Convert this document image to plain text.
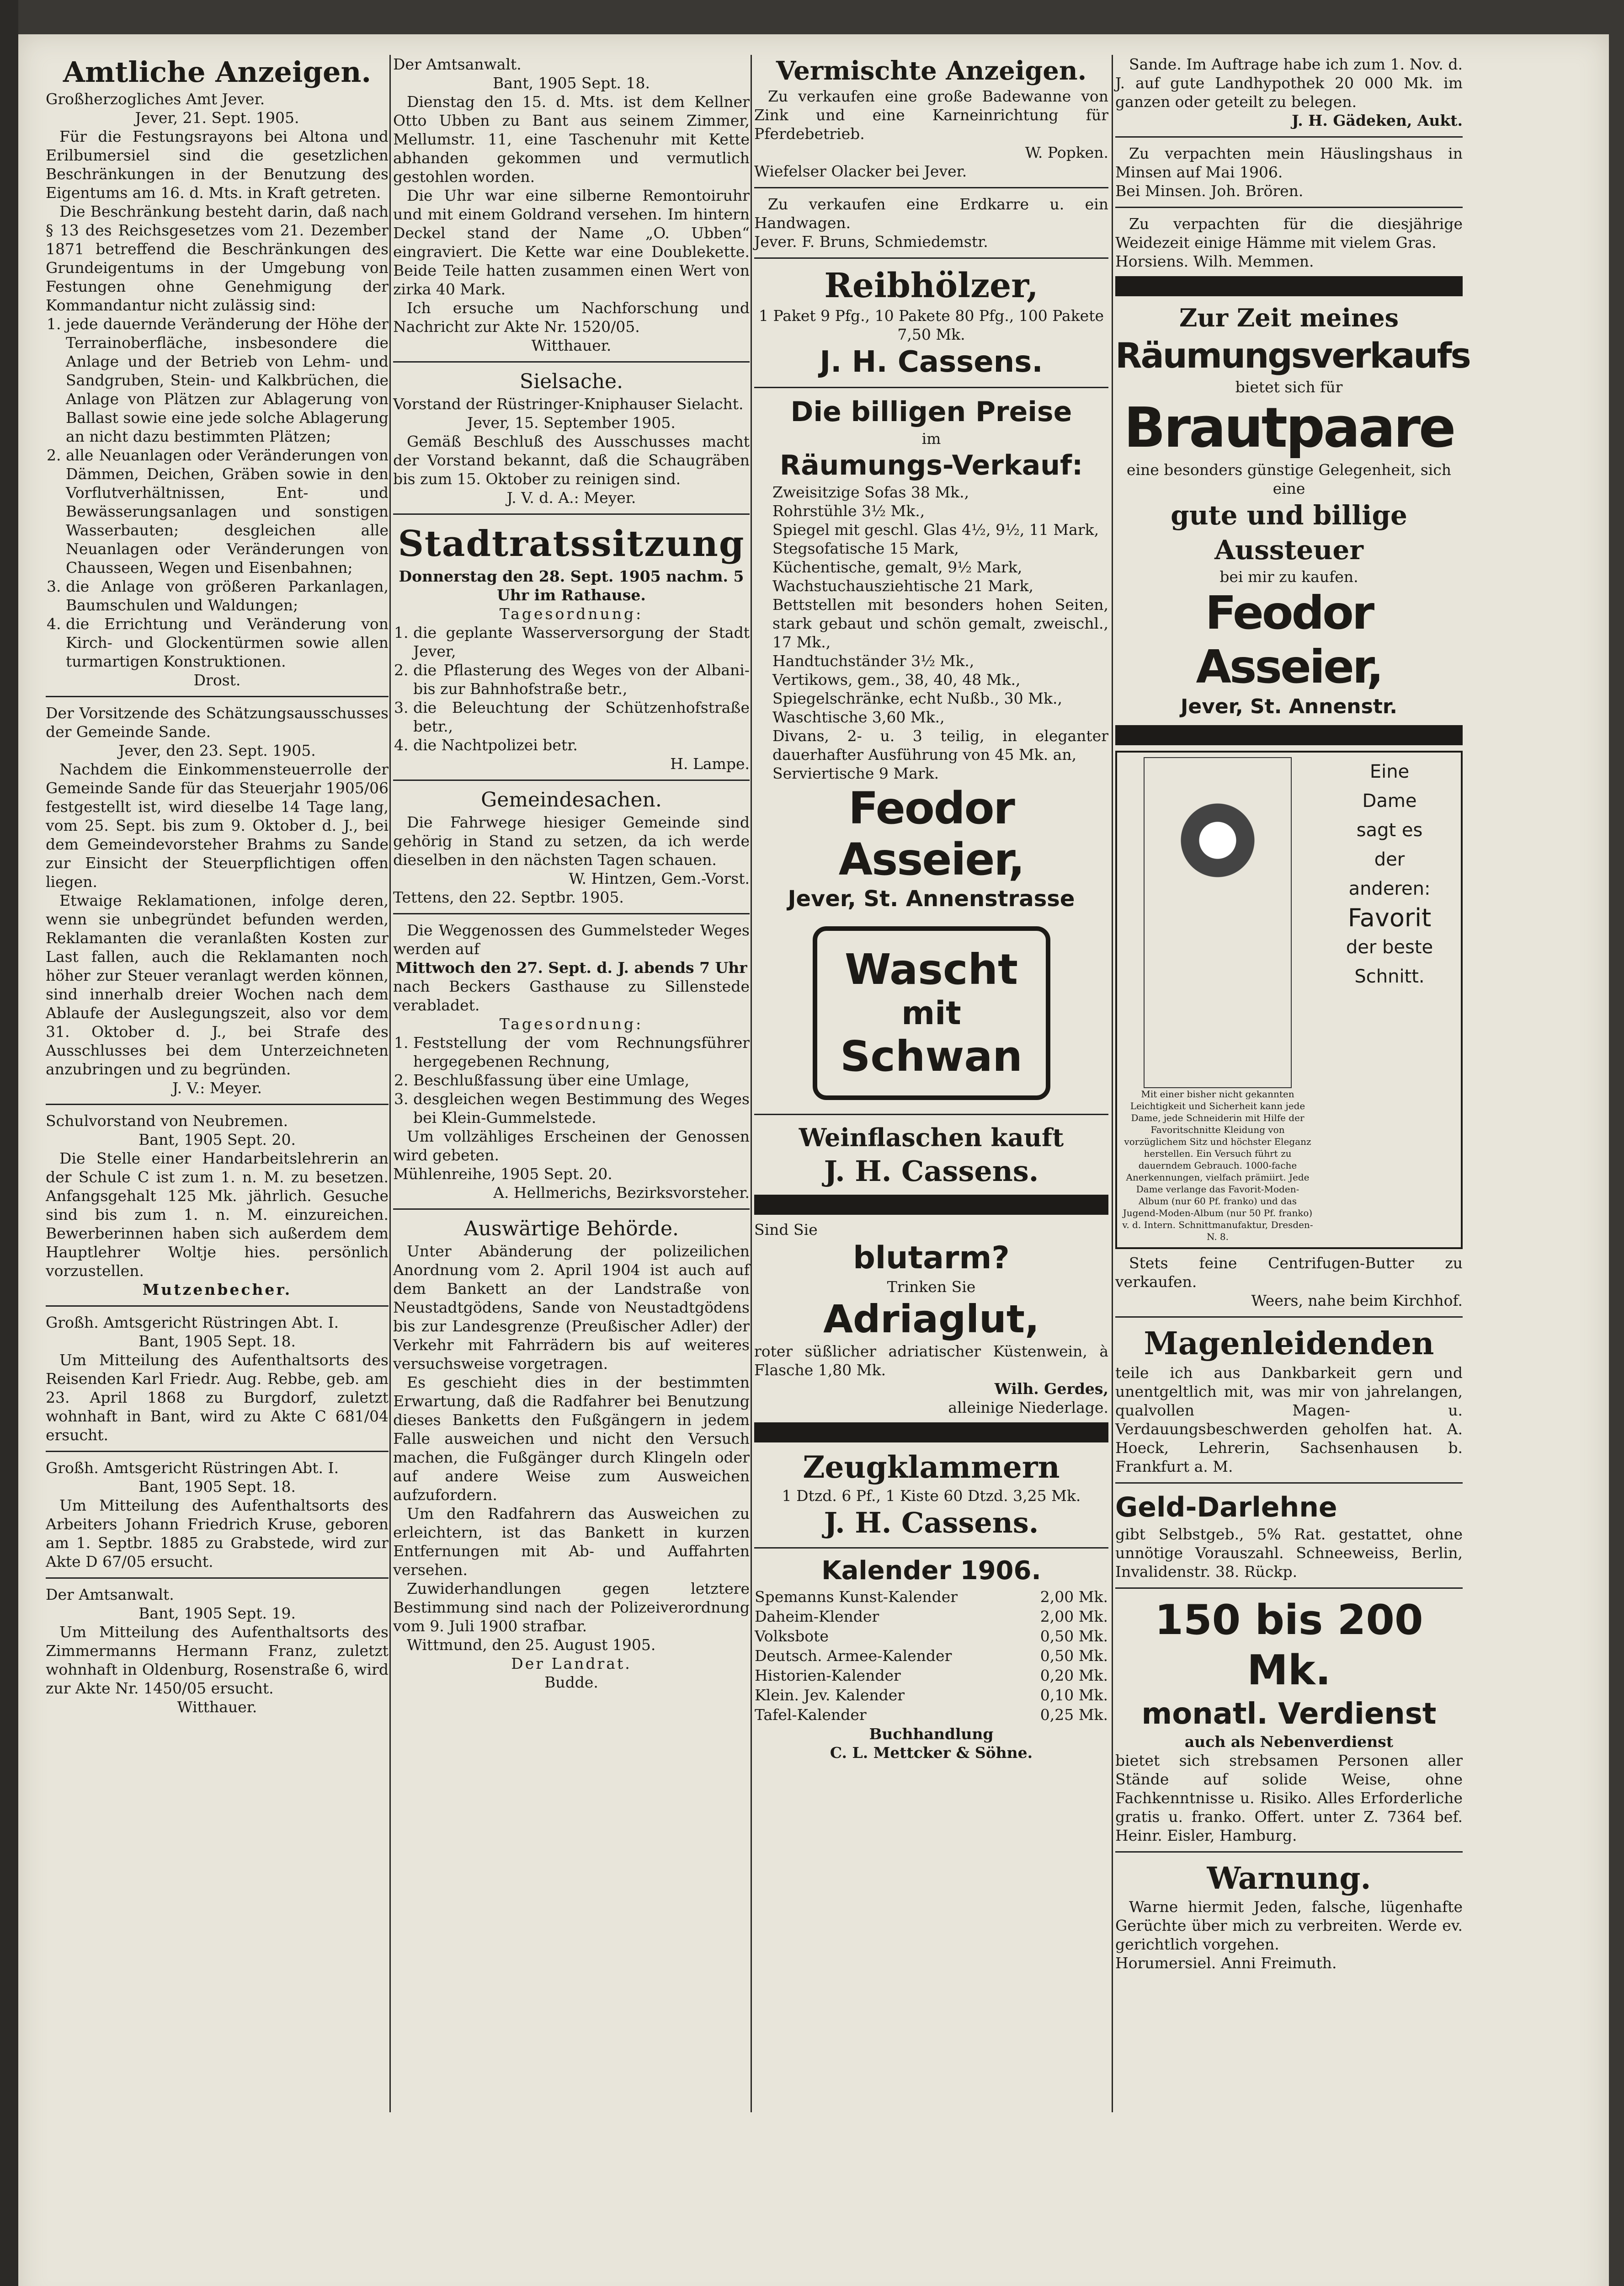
Amtliche Anzeigen.

Großherzogliches Amt Jever.

Jever, 21. Sept. 1905.

Für die Festungsrayons bei Altona und Erilbumersiel sind die gesetzlichen Beschränkungen in der Benutzung des Eigentums am 16. d. Mts. in Kraft getreten.

Die Beschränkung besteht darin, daß nach § 13 des Reichsgesetzes vom 21. Dezember 1871 betreffend die Beschränkungen des Grundeigentums in der Umgebung von Festungen ohne Genehmigung der Kommandantur nicht zulässig sind:

1. jede dauernde Veränderung der Höhe der Terrainoberfläche, insbesondere die Anlage und der Betrieb von Lehm- und Sandgruben, Stein- und Kalkbrüchen, die Anlage von Plätzen zur Ablagerung von Ballast sowie eine jede solche Ablagerung an nicht dazu bestimmten Plätzen;
2. alle Neuanlagen oder Veränderungen von Dämmen, Deichen, Gräben sowie in den Vorflutverhältnissen, Ent- und Bewässerungsanlagen und sonstigen Wasserbauten; desgleichen alle Neuanlagen oder Veränderungen von Chausseen, Wegen und Eisenbahnen;
3. die Anlage von größeren Parkanlagen, Baumschulen und Waldungen;
4. die Errichtung und Veränderung von Kirch- und Glockentürmen sowie allen turmartigen Konstruktionen.

Drost.

Der Vorsitzende des Schätzungsausschusses der Gemeinde Sande.

Jever, den 23. Sept. 1905.

Nachdem die Einkommensteuerrolle der Gemeinde Sande für das Steuerjahr 1905/06 festgestellt ist, wird dieselbe 14 Tage lang, vom 25. Sept. bis zum 9. Oktober d. J., bei dem Gemeindevorsteher Brahms zu Sande zur Einsicht der Steuerpflichtigen offen liegen.

Etwaige Reklamationen, infolge deren, wenn sie unbegründet befunden werden, Reklamanten die veranlaßten Kosten zur Last fallen, auch die Reklamanten noch höher zur Steuer veranlagt werden können, sind innerhalb dreier Wochen nach dem Ablaufe der Auslegungszeit, also vor dem 31. Oktober d. J., bei Strafe des Ausschlusses bei dem Unterzeichneten anzubringen und zu begründen.

J. V.: Meyer.

Schulvorstand von Neubremen.

Bant, 1905 Sept. 20.

Die Stelle einer Handarbeitslehrerin an der Schule C ist zum 1. n. M. zu besetzen. Anfangsgehalt 125 Mk. jährlich. Gesuche sind bis zum 1. n. M. einzureichen. Bewerberinnen haben sich außerdem dem Hauptlehrer Woltje hies. persönlich vorzustellen.

Mutzenbecher.

Großh. Amtsgericht Rüstringen Abt. I.

Bant, 1905 Sept. 18.

Um Mitteilung des Aufenthaltsorts des Reisenden Karl Friedr. Aug. Rebbe, geb. am 23. April 1868 zu Burgdorf, zuletzt wohnhaft in Bant, wird zu Akte C 681/04 ersucht.

Großh. Amtsgericht Rüstringen Abt. I.

Bant, 1905 Sept. 18.

Um Mitteilung des Aufenthaltsorts des Arbeiters Johann Friedrich Kruse, geboren am 1. Septbr. 1885 zu Grabstede, wird zur Akte D 67/05 ersucht.

Der Amtsanwalt.

Bant, 1905 Sept. 19.

Um Mitteilung des Aufenthaltsorts des Zimmermanns Hermann Franz, zuletzt wohnhaft in Oldenburg, Rosenstraße 6, wird zur Akte Nr. 1450/05 ersucht.

Witthauer.

Der Amtsanwalt.

Bant, 1905 Sept. 18.

Dienstag den 15. d. Mts. ist dem Kellner Otto Ubben zu Bant aus seinem Zimmer, Mellumstr. 11, eine Taschenuhr mit Kette abhanden gekommen und vermutlich gestohlen worden.

Die Uhr war eine silberne Remontoiruhr und mit einem Goldrand versehen. Im hintern Deckel stand der Name „O. Ubben“ eingraviert. Die Kette war eine Doublekette. Beide Teile hatten zusammen einen Wert von zirka 40 Mark.

Ich ersuche um Nachforschung und Nachricht zur Akte Nr. 1520/05.

Witthauer.

Sielsache.

Vorstand der Rüstringer-Kniphauser Sielacht.

Jever, 15. September 1905.

Gemäß Beschluß des Ausschusses macht der Vorstand bekannt, daß die Schaugräben bis zum 15. Oktober zu reinigen sind.

J. V. d. A.: Meyer.

Stadtratssitzung

Donnerstag den 28. Sept. 1905 nachm. 5 Uhr im Rathause.

Tagesordnung:

1. die geplante Wasserversorgung der Stadt Jever,
2. die Pflasterung des Weges von der Albani- bis zur Bahnhofstraße betr.,
3. die Beleuchtung der Schützenhofstraße betr.,
4. die Nachtpolizei betr.

H. Lampe.

Gemeindesachen.

Die Fahrwege hiesiger Gemeinde sind gehörig in Stand zu setzen, da ich werde dieselben in den nächsten Tagen schauen.

W. Hintzen, Gem.-Vorst.

Tettens, den 22. Septbr. 1905.

Die Weggenossen des Gummelsteder Weges werden auf

Mittwoch den 27. Sept. d. J. abends 7 Uhr

nach Beckers Gasthause zu Sillenstede verabladet.

Tagesordnung:

1. Feststellung der vom Rechnungsführer hergegebenen Rechnung,
2. Beschlußfassung über eine Umlage,
3. desgleichen wegen Bestimmung des Weges bei Klein-Gummelstede.

Um vollzähliges Erscheinen der Genossen wird gebeten.

Mühlenreihe, 1905 Sept. 20.

A. Hellmerichs, Bezirksvorsteher.

Auswärtige Behörde.

Unter Abänderung der polizeilichen Anordnung vom 2. April 1904 ist auch auf dem Bankett an der Landstraße von Neustadtgödens, Sande von Neustadtgödens bis zur Landesgrenze (Preußischer Adler) der Verkehr mit Fahrrädern bis auf weiteres versuchsweise vorgetragen.

Es geschieht dies in der bestimmten Erwartung, daß die Radfahrer bei Benutzung dieses Banketts den Fußgängern in jedem Falle ausweichen und nicht den Versuch machen, die Fußgänger durch Klingeln oder auf andere Weise zum Ausweichen aufzufordern.

Um den Radfahrern das Ausweichen zu erleichtern, ist das Bankett in kurzen Entfernungen mit Ab- und Auffahrten versehen.

Zuwiderhandlungen gegen letztere Bestimmung sind nach der Polizeiverordnung vom 9. Juli 1900 strafbar.

Wittmund, den 25. August 1905.

Der Landrat.

Budde.

Vermischte Anzeigen.

Zu verkaufen eine große Badewanne von Zink und eine Karneinrichtung für Pferdebetrieb.

W. Popken.

Wiefelser Olacker bei Jever.

Zu verkaufen eine Erdkarre u. ein Handwagen.

Jever. F. Bruns, Schmiedemstr.

Reibhölzer,

1 Paket 9 Pfg., 10 Pakete 80 Pfg., 100 Pakete 7,50 Mk.

J. H. Cassens.

Die billigen Preise

im

Räumungs-Verkauf:

Zweisitzige Sofas 38 Mk.,

Rohrstühle 3½ Mk.,

Spiegel mit geschl. Glas 4½, 9½, 11 Mark,

Stegsofatische 15 Mark,

Küchentische, gemalt, 9½ Mark,

Wachstuchausziehtische 21 Mark,

Bettstellen mit besonders hohen Seiten, stark gebaut und schön gemalt, zweischl., 17 Mk.,

Handtuchständer 3½ Mk.,

Vertikows, gem., 38, 40, 48 Mk.,

Spiegelschränke, echt Nußb., 30 Mk.,

Waschtische 3,60 Mk.,

Divans, 2- u. 3 teilig, in eleganter dauerhafter Ausführung von 45 Mk. an,

Serviertische 9 Mark.

Feodor Asseier,

Jever, St. Annenstrasse

Wascht
mit
Schwan

Weinflaschen kauft

J. H. Cassens.

Sind Sie

blutarm?

Trinken Sie

Adriaglut,

roter süßlicher adriatischer Küstenwein, à Flasche 1,80 Mk.

Wilh. Gerdes,

alleinige Niederlage.

Zeugklammern

1 Dtzd. 6 Pf., 1 Kiste 60 Dtzd. 3,25 Mk.

J. H. Cassens.

Kalender 1906.

Spemanns Kunst-Kalender	2,00 Mk.
Daheim-Klender	2,00 Mk.
Volksbote	0,50 Mk.
Deutsch. Armee-Kalender	0,50 Mk.
Historien-Kalender	0,20 Mk.
Klein. Jev. Kalender	0,10 Mk.
Tafel-Kalender	0,25 Mk.

Buchhandlung

C. L. Mettcker & Söhne.

Sande. Im Auftrage habe ich zum 1. Nov. d. J. auf gute Landhypothek 20 000 Mk. im ganzen oder geteilt zu belegen.

J. H. Gädeken, Aukt.

Zu verpachten mein Häuslingshaus in Minsen auf Mai 1906.

Bei Minsen. Joh. Brören.

Zu verpachten für die diesjährige Weidezeit einige Hämme mit vielem Gras.

Horsiens. Wilh. Memmen.

Zur Zeit meines

Räumungsverkaufs

bietet sich für

Brautpaare

eine besonders günstige Gelegenheit, sich eine

gute und billige Aussteuer

bei mir zu kaufen.

Feodor Asseier,

Jever, St. Annenstr.

Mit einer bisher nicht gekannten Leichtigkeit und Sicherheit kann jede Dame, jede Schneiderin mit Hilfe der Favoritschnitte Kleidung von vorzüglichem Sitz und höchster Eleganz herstellen. Ein Versuch führt zu dauerndem Gebrauch. 1000-fache Anerkennungen, vielfach prämiirt. Jede Dame verlange das Favorit-Moden-Album (nur 60 Pf. franko) und das Jugend-Moden-Album (nur 50 Pf. franko) v. d. Intern. Schnittmanufaktur, Dresden-N. 8.

Eine

Dame

sagt es

der

anderen:

Favorit

der beste

Schnitt.

Stets feine Centrifugen-Butter zu verkaufen.

Weers, nahe beim Kirchhof.

Magenleidenden

teile ich aus Dankbarkeit gern und unentgeltlich mit, was mir von jahrelangen, qualvollen Magen- u. Verdauungsbeschwerden geholfen hat. A. Hoeck, Lehrerin, Sachsenhausen b. Frankfurt a. M.

Geld-Darlehne

gibt Selbstgeb., 5% Rat. gestattet, ohne unnötige Vorauszahl. Schneeweiss, Berlin, Invalidenstr. 38. Rückp.

150 bis 200 Mk.

monatl. Verdienst

auch als Nebenverdienst

bietet sich strebsamen Personen aller Stände auf solide Weise, ohne Fachkenntnisse u. Risiko. Alles Erforderliche gratis u. franko. Offert. unter Z. 7364 bef. Heinr. Eisler, Hamburg.

Warnung.

Warne hiermit Jeden, falsche, lügenhafte Gerüchte über mich zu verbreiten. Werde ev. gerichtlich vorgehen.

Horumersiel. Anni Freimuth.
